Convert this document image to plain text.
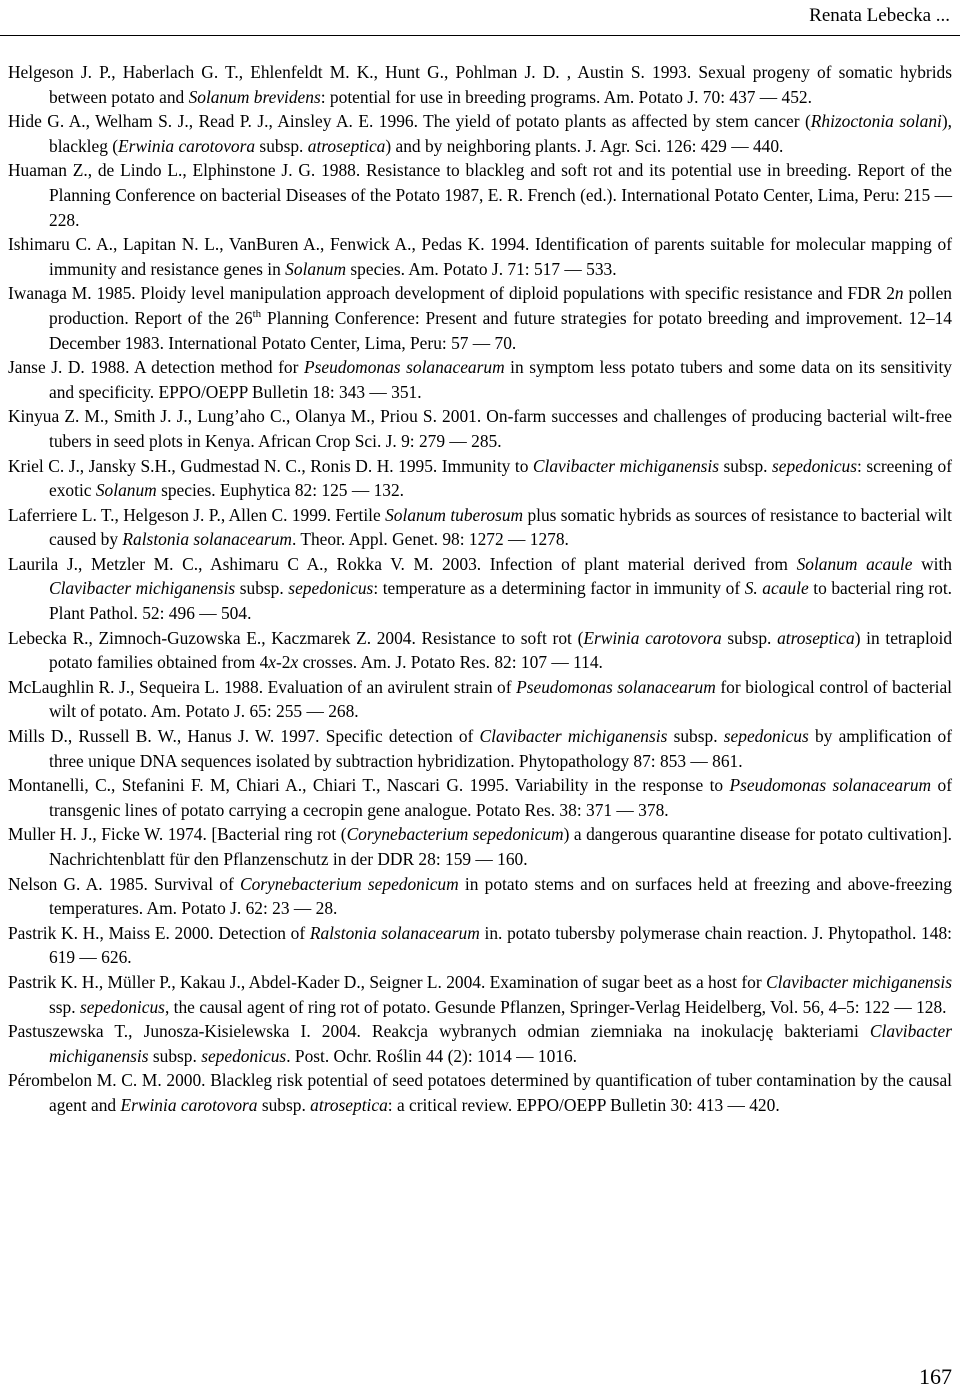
Renata Lebecka ...
Helgeson J. P., Haberlach G. T., Ehlenfeldt M. K., Hunt G., Pohlman J. D. , Austin S. 1993. Sexual progeny of somatic hybrids between potato and Solanum brevidens: potential for use in breeding programs. Am. Potato J. 70: 437 — 452.
Hide G. A., Welham S. J., Read P. J., Ainsley A. E. 1996. The yield of potato plants as affected by stem cancer (Rhizoctonia solani), blackleg (Erwinia carotovora subsp. atroseptica) and by neighboring plants. J. Agr. Sci. 126: 429 — 440.
Huaman Z., de Lindo L., Elphinstone J. G. 1988. Resistance to blackleg and soft rot and its potential use in breeding. Report of the Planning Conference on bacterial Diseases of the Potato 1987, E. R. French (ed.). International Potato Center, Lima, Peru: 215 — 228.
Ishimaru C. A., Lapitan N. L., VanBuren A., Fenwick A., Pedas K. 1994. Identification of parents suitable for molecular mapping of immunity and resistance genes in Solanum species. Am. Potato J. 71: 517 — 533.
Iwanaga M. 1985. Ploidy level manipulation approach development of diploid populations with specific resistance and FDR 2n pollen production. Report of the 26th Planning Conference: Present and future strategies for potato breeding and improvement. 12–14 December 1983. International Potato Center, Lima, Peru: 57 — 70.
Janse J. D. 1988. A detection method for Pseudomonas solanacearum in symptom less potato tubers and some data on its sensitivity and specificity. EPPO/OEPP Bulletin 18: 343 — 351.
Kinyua Z. M., Smith J. J., Lung’aho C., Olanya M., Priou S. 2001. On-farm successes and challenges of producing bacterial wilt-free tubers in seed plots in Kenya. African Crop Sci. J. 9: 279 — 285.
Kriel C. J., Jansky S.H., Gudmestad N. C., Ronis D. H. 1995. Immunity to Clavibacter michiganensis subsp. sepedonicus: screening of exotic Solanum species. Euphytica 82: 125 — 132.
Laferriere L. T., Helgeson J. P., Allen C. 1999. Fertile Solanum tuberosum plus somatic hybrids as sources of resistance to bacterial wilt caused by Ralstonia solanacearum. Theor. Appl. Genet. 98: 1272 — 1278.
Laurila J., Metzler M. C., Ashimaru C A., Rokka V. M. 2003. Infection of plant material derived from Solanum acaule with Clavibacter michiganensis subsp. sepedonicus: temperature as a determining factor in immunity of S. acaule to bacterial ring rot. Plant Pathol. 52: 496 — 504.
Lebecka R., Zimnoch-Guzowska E., Kaczmarek Z. 2004. Resistance to soft rot (Erwinia carotovora subsp. atroseptica) in tetraploid potato families obtained from 4x-2x crosses. Am. J. Potato Res. 82: 107 — 114.
McLaughlin R. J., Sequeira L. 1988. Evaluation of an avirulent strain of Pseudomonas solanacearum for biological control of bacterial wilt of potato. Am. Potato J. 65: 255 — 268.
Mills D., Russell B. W., Hanus J. W. 1997. Specific detection of Clavibacter michiganensis subsp. sepedonicus by amplification of three unique DNA sequences isolated by subtraction hybridization. Phytopathology 87: 853 — 861.
Montanelli, C., Stefanini F. M, Chiari A., Chiari T., Nascari G. 1995. Variability in the response to Pseudomonas solanacearum of transgenic lines of potato carrying a cecropin gene analogue. Potato Res. 38: 371 — 378.
Muller H. J., Ficke W. 1974. [Bacterial ring rot (Corynebacterium sepedonicum) a dangerous quarantine disease for potato cultivation]. Nachrichtenblatt für den Pflanzenschutz in der DDR 28: 159 — 160.
Nelson G. A. 1985. Survival of Corynebacterium sepedonicum in potato stems and on surfaces held at freezing and above-freezing temperatures. Am. Potato J. 62: 23 — 28.
Pastrik K. H., Maiss E. 2000. Detection of Ralstonia solanacearum in. potato tubersby polymerase chain reaction. J. Phytopathol. 148: 619 — 626.
Pastrik K. H., Müller P., Kakau J., Abdel-Kader D., Seigner L. 2004. Examination of sugar beet as a host for Clavibacter michiganensis ssp. sepedonicus, the causal agent of ring rot of potato. Gesunde Pflanzen, Springer-Verlag Heidelberg, Vol. 56, 4–5: 122 — 128.
Pastuszewska T., Junosza-Kisielewska I. 2004. Reakcja wybranych odmian ziemniaka na inokulację bakteriami Clavibacter michiganensis subsp. sepedonicus. Post. Ochr. Roślin 44 (2): 1014 — 1016.
Pérombelon M. C. M. 2000. Blackleg risk potential of seed potatoes determined by quantification of tuber contamination by the causal agent and Erwinia carotovora subsp. atroseptica: a critical review. EPPO/OEPP Bulletin 30: 413 — 420.
167
